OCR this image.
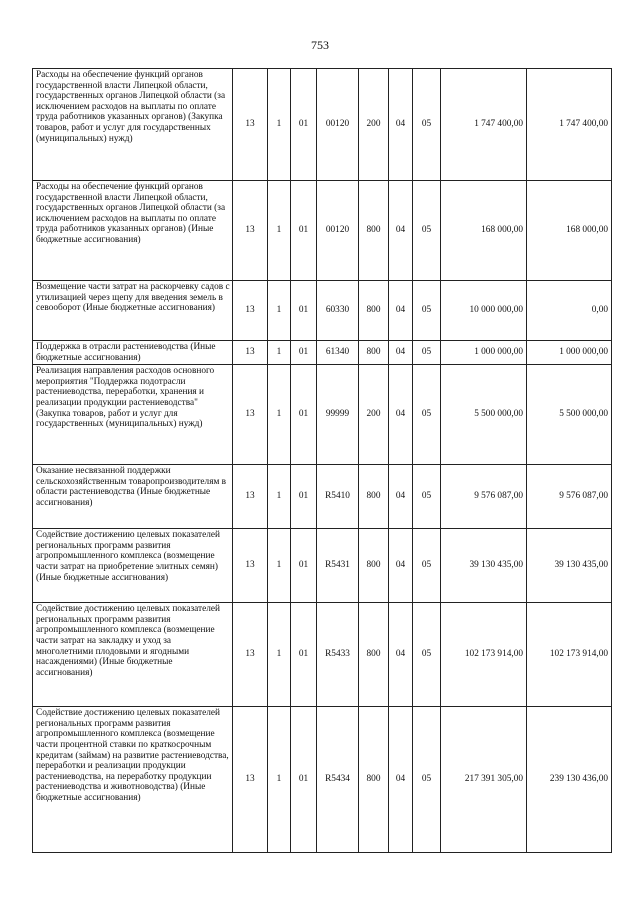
753
Расходы на обеспечение функций органов государственной власти Липецкой области, государственных органов Липецкой области (за исключением расходов на выплаты по оплате труда работников указанных органов) (Закупка товаров, работ и услуг для государственных (муниципальных) нужд)	13	1	01	00120	200	04	05	1 747 400,00	1 747 400,00
Расходы на обеспечение функций органов государственной власти Липецкой области, государственных органов Липецкой области (за исключением расходов на выплаты по оплате труда работников указанных органов) (Иные бюджетные ассигнования)	13	1	01	00120	800	04	05	168 000,00	168 000,00
Возмещение части затрат на раскорчевку садов с утилизацией через щепу для введения земель в севооборот (Иные бюджетные ассигнования)	13	1	01	60330	800	04	05	10 000 000,00	0,00
Поддержка в отрасли растениеводства (Иные бюджетные ассигнования)	13	1	01	61340	800	04	05	1 000 000,00	1 000 000,00
Реализация направления расходов основного мероприятия "Поддержка подотрасли растениеводства, переработки, хранения и реализации продукции растениеводства" (Закупка товаров, работ и услуг для государственных (муниципальных) нужд)	13	1	01	99999	200	04	05	5 500 000,00	5 500 000,00
Оказание несвязанной поддержки сельскохозяйственным товаропроизводителям в области растениеводства (Иные бюджетные ассигнования)	13	1	01	R5410	800	04	05	9 576 087,00	9 576 087,00
Содействие достижению целевых показателей региональных программ развития агропромышленного комплекса (возмещение части затрат на приобретение элитных семян) (Иные бюджетные ассигнования)	13	1	01	R5431	800	04	05	39 130 435,00	39 130 435,00
Содействие достижению целевых показателей региональных программ развития агропромышленного комплекса (возмещение части затрат на закладку и уход за многолетними плодовыми и ягодными насаждениями) (Иные бюджетные ассигнования)	13	1	01	R5433	800	04	05	102 173 914,00	102 173 914,00
Содействие достижению целевых показателей региональных программ развития агропромышленного комплекса (возмещение части процентной ставки по краткосрочным кредитам (займам) на развитие растениеводства, переработки и реализации продукции растениеводства, на переработку продукции растениеводства и животноводства) (Иные бюджетные ассигнования)	13	1	01	R5434	800	04	05	217 391 305,00	239 130 436,00
